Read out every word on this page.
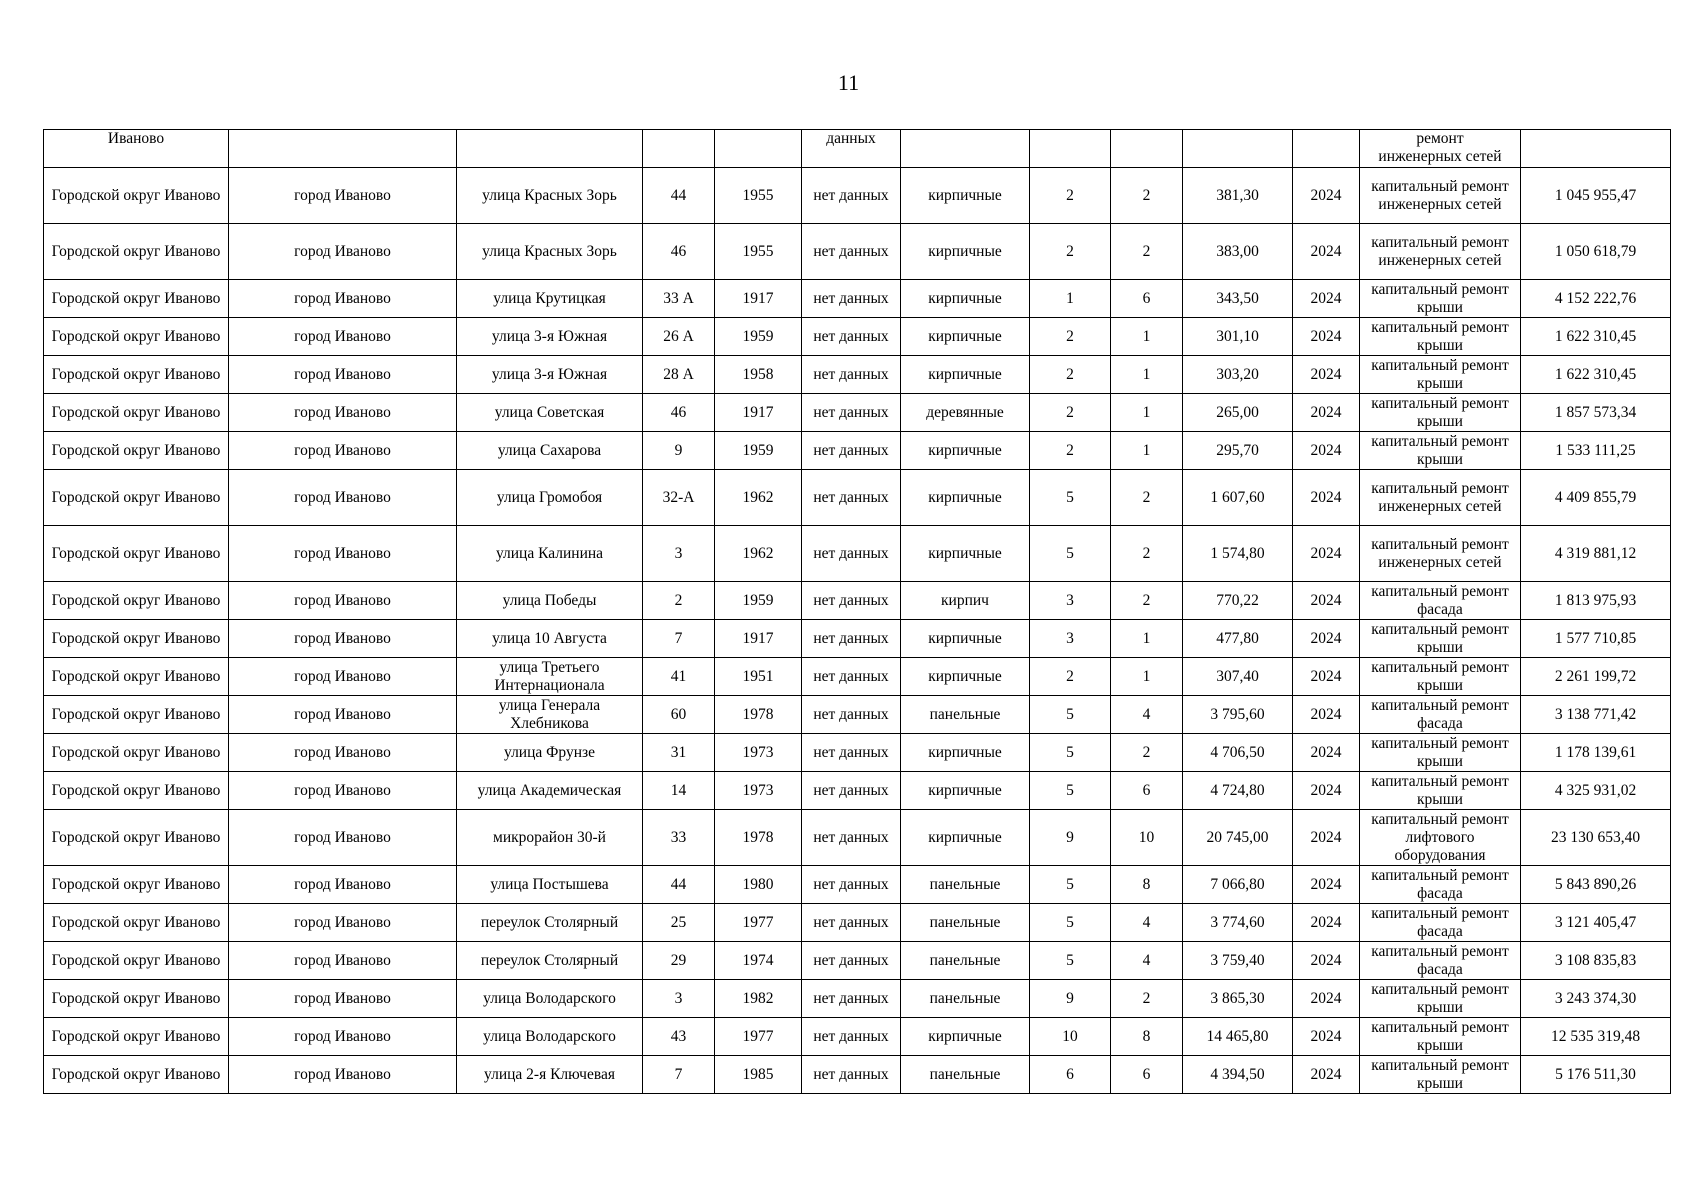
11
Иваново					данных						ремонт
инженерных сетей	
Городской округ Иваново	город Иваново	улица Красных Зорь	44	1955	нет данных	кирпичные	2	2	381,30	2024	капитальный ремонт инженерных сетей	1 045 955,47
Городской округ Иваново	город Иваново	улица Красных Зорь	46	1955	нет данных	кирпичные	2	2	383,00	2024	капитальный ремонт инженерных сетей	1 050 618,79
Городской округ Иваново	город Иваново	улица Крутицкая	33 А	1917	нет данных	кирпичные	1	6	343,50	2024	капитальный ремонт крыши	4 152 222,76
Городской округ Иваново	город Иваново	улица 3-я Южная	26 А	1959	нет данных	кирпичные	2	1	301,10	2024	капитальный ремонт крыши	1 622 310,45
Городской округ Иваново	город Иваново	улица 3-я Южная	28 А	1958	нет данных	кирпичные	2	1	303,20	2024	капитальный ремонт крыши	1 622 310,45
Городской округ Иваново	город Иваново	улица Советская	46	1917	нет данных	деревянные	2	1	265,00	2024	капитальный ремонт крыши	1 857 573,34
Городской округ Иваново	город Иваново	улица Сахарова	9	1959	нет данных	кирпичные	2	1	295,70	2024	капитальный ремонт крыши	1 533 111,25
Городской округ Иваново	город Иваново	улица Громобоя	32-А	1962	нет данных	кирпичные	5	2	1 607,60	2024	капитальный ремонт инженерных сетей	4 409 855,79
Городской округ Иваново	город Иваново	улица Калинина	3	1962	нет данных	кирпичные	5	2	1 574,80	2024	капитальный ремонт инженерных сетей	4 319 881,12
Городской округ Иваново	город Иваново	улица Победы	2	1959	нет данных	кирпич	3	2	770,22	2024	капитальный ремонт фасада	1 813 975,93
Городской округ Иваново	город Иваново	улица 10 Августа	7	1917	нет данных	кирпичные	3	1	477,80	2024	капитальный ремонт крыши	1 577 710,85
Городской округ Иваново	город Иваново	улица Третьего Интернационала	41	1951	нет данных	кирпичные	2	1	307,40	2024	капитальный ремонт крыши	2 261 199,72
Городской округ Иваново	город Иваново	улица Генерала Хлебникова	60	1978	нет данных	панельные	5	4	3 795,60	2024	капитальный ремонт фасада	3 138 771,42
Городской округ Иваново	город Иваново	улица Фрунзе	31	1973	нет данных	кирпичные	5	2	4 706,50	2024	капитальный ремонт крыши	1 178 139,61
Городской округ Иваново	город Иваново	улица Академическая	14	1973	нет данных	кирпичные	5	6	4 724,80	2024	капитальный ремонт крыши	4 325 931,02
Городской округ Иваново	город Иваново	микрорайон 30-й	33	1978	нет данных	кирпичные	9	10	20 745,00	2024	капитальный ремонт лифтового оборудования	23 130 653,40
Городской округ Иваново	город Иваново	улица Постышева	44	1980	нет данных	панельные	5	8	7 066,80	2024	капитальный ремонт фасада	5 843 890,26
Городской округ Иваново	город Иваново	переулок Столярный	25	1977	нет данных	панельные	5	4	3 774,60	2024	капитальный ремонт фасада	3 121 405,47
Городской округ Иваново	город Иваново	переулок Столярный	29	1974	нет данных	панельные	5	4	3 759,40	2024	капитальный ремонт фасада	3 108 835,83
Городской округ Иваново	город Иваново	улица Володарского	3	1982	нет данных	панельные	9	2	3 865,30	2024	капитальный ремонт крыши	3 243 374,30
Городской округ Иваново	город Иваново	улица Володарского	43	1977	нет данных	кирпичные	10	8	14 465,80	2024	капитальный ремонт крыши	12 535 319,48
Городской округ Иваново	город Иваново	улица 2-я Ключевая	7	1985	нет данных	панельные	6	6	4 394,50	2024	капитальный ремонт крыши	5 176 511,30
